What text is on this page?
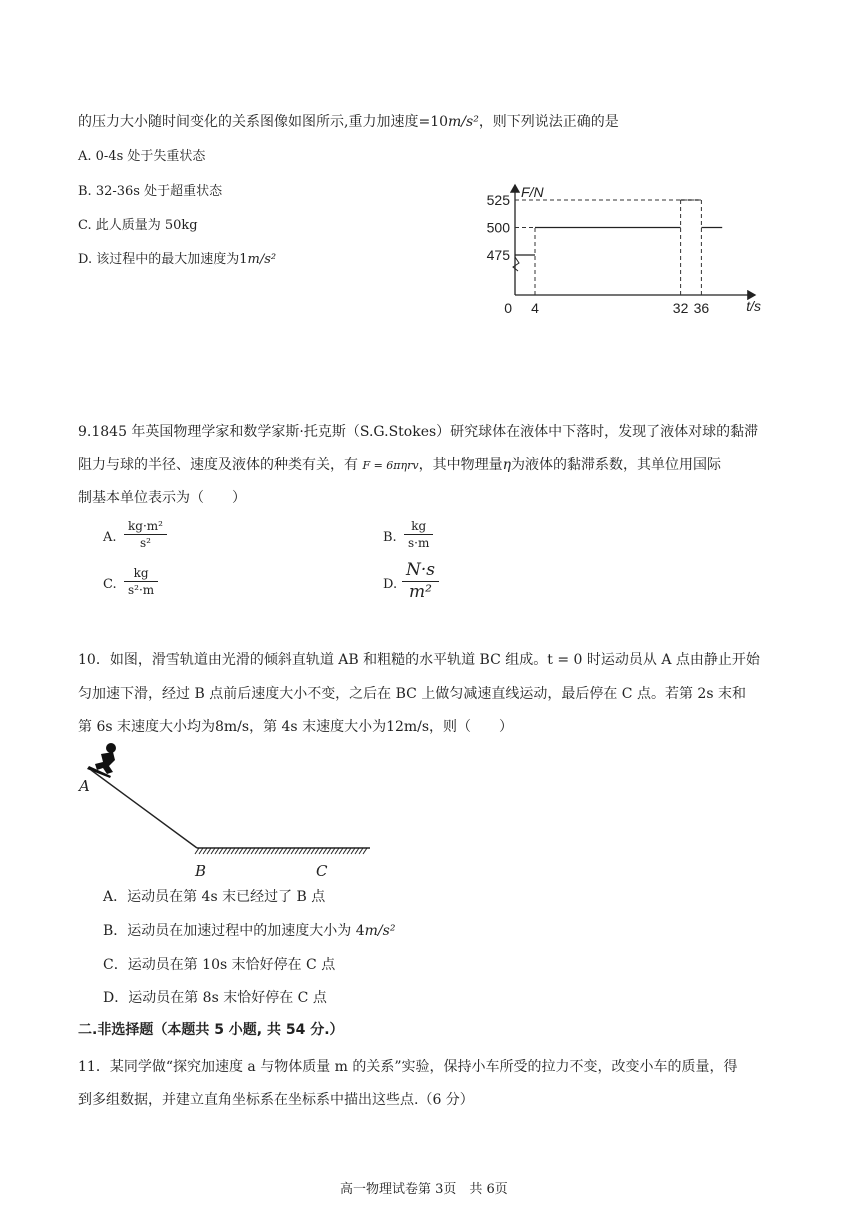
的压力大小随时间变化的关系图像如图所示,重力加速度=10m/s²，则下列说法正确的是
A. 0-4s 处于失重状态
B. 32-36s 处于超重状态
C. 此人质量为 50kg
D. 该过程中的最大加速度为1m/s²
525
500
475
0 4	32 36
F/N
t/s
9.1845 年英国物理学家和数学家斯·托克斯（S.G.Stokes）研究球体在液体中下落时，发现了液体对球的黏滞
阻力与球的半径、速度及液体的种类有关，有 F = 6πηrv，其中物理量η为液体的黏滞系数，其单位用国际
制基本单位表示为（　　）
A. $\frac{\text{kg·m²}}{\text{s²}}$	B. $\frac{kg}{s\cdot m}$
C. $\frac{kg}{\text{s²·m}}$	D. $\frac{N\cdot s}{\text{m²}}$
10．如图，滑雪轨道由光滑的倾斜直轨道 AB 和粗糙的水平轨道 BC 组成。t = 0 时运动员从 A 点由静止开始
匀加速下滑，经过 B 点前后速度大小不变，之后在 BC 上做匀减速直线运动，最后停在 C 点。若第 2s 末和
第 6s 末速度大小均为8m/s，第 4s 末速度大小为12m/s，则（　　）
A
B	C
A．运动员在第 4s 末已经过了 B 点
B．运动员在加速过程中的加速度大小为 4m/s²
C．运动员在第 10s 末恰好停在 C 点
D．运动员在第 8s 末恰好停在 C 点
二.非选择题（本题共 5 小题, 共 54 分.）
11．某同学做“探究加速度 a 与物体质量 m 的关系”实验，保持小车所受的拉力不变，改变小车的质量，得
到多组数据，并建立直角坐标系在坐标系中描出这些点.（6 分）
高一物理试卷第 3页　共 6页
